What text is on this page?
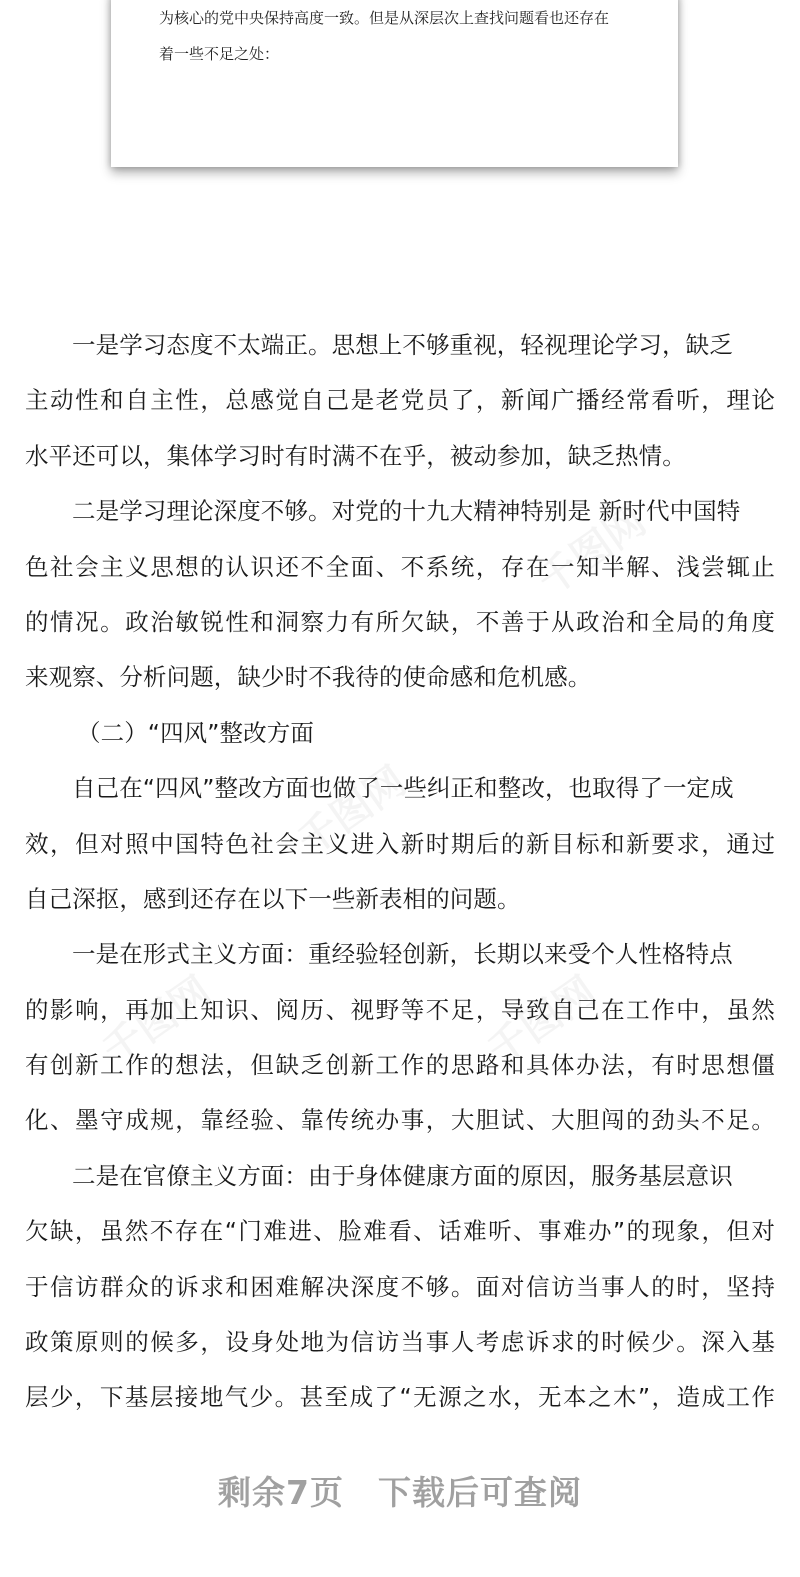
为核心的党中央保持高度一致。但是从深层次上查找问题看也还存在
着一些不足之处：
一是学习态度不太端正。思想上不够重视，轻视理论学习，缺乏
主动性和自主性，总感觉自己是老党员了，新闻广播经常看听，理论
水平还可以，集体学习时有时满不在乎，被动参加，缺乏热情。
二是学习理论深度不够。对党的十九大精神特别是 新时代中国特
色社会主义思想的认识还不全面、不系统，存在一知半解、浅尝辄止
的情况。政治敏锐性和洞察力有所欠缺，不善于从政治和全局的角度
来观察、分析问题，缺少时不我待的使命感和危机感。
（二）“四风”整改方面
自己在“四风”整改方面也做了一些纠正和整改，也取得了一定成
效，但对照中国特色社会主义进入新时期后的新目标和新要求，通过
自己深抠，感到还存在以下一些新表相的问题。
一是在形式主义方面：重经验轻创新，长期以来受个人性格特点
的影响，再加上知识、阅历、视野等不足，导致自己在工作中，虽然
有创新工作的想法，但缺乏创新工作的思路和具体办法，有时思想僵
化、墨守成规，靠经验、靠传统办事，大胆试、大胆闯的劲头不足。
二是在官僚主义方面：由于身体健康方面的原因，服务基层意识
欠缺，虽然不存在“门难进、脸难看、话难听、事难办”的现象，但对
于信访群众的诉求和困难解决深度不够。面对信访当事人的时，坚持
政策原则的候多，设身处地为信访当事人考虑诉求的时候少。深入基
层少，下基层接地气少。甚至成了“无源之水，无本之木”，造成工作
剩余7页 下载后可查阅
